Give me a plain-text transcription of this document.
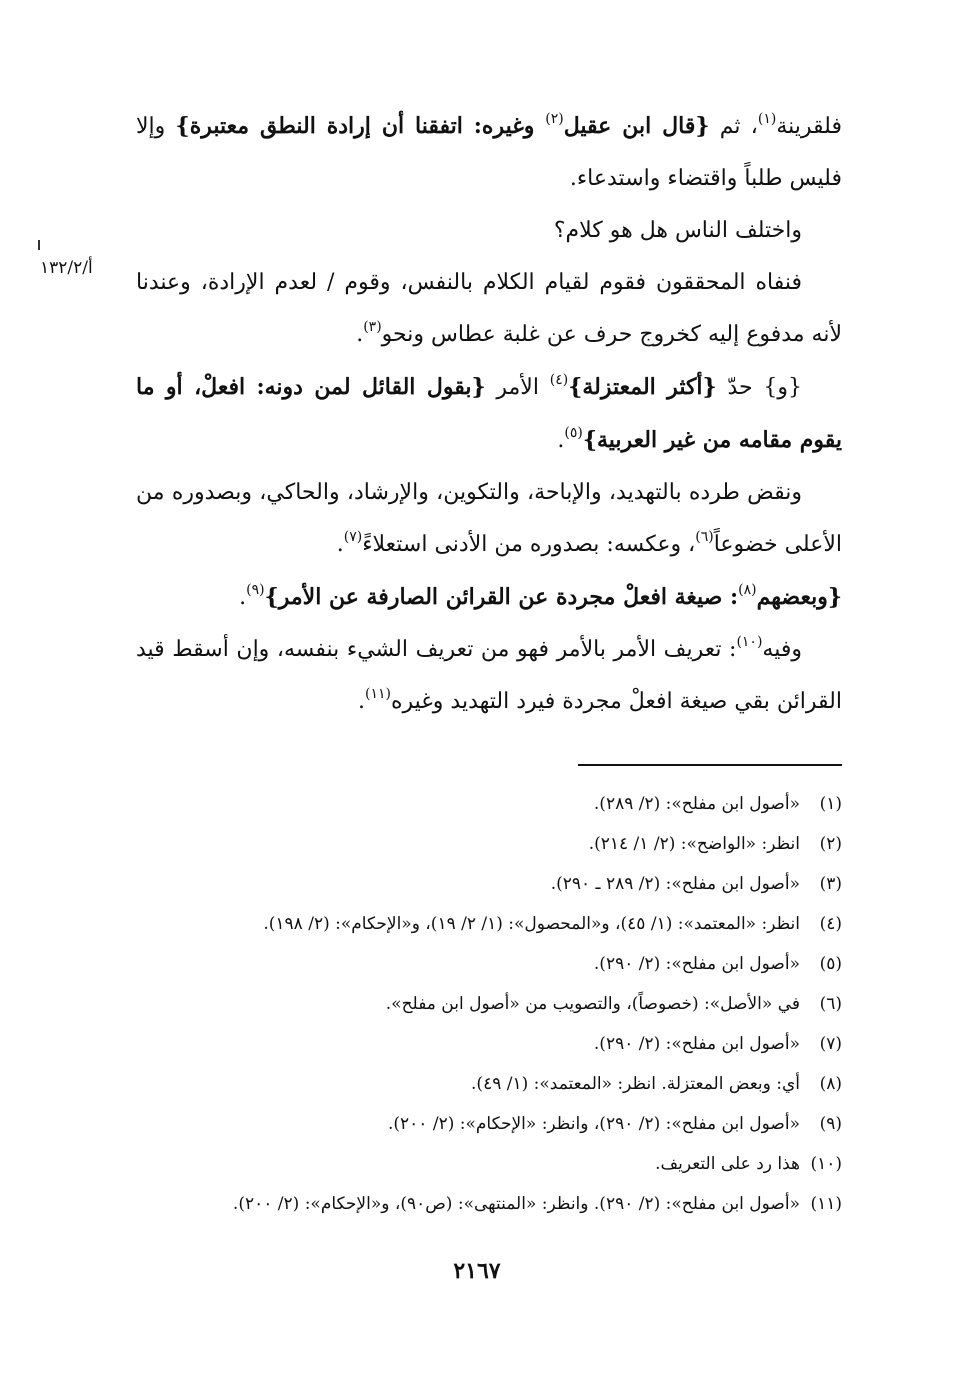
أ/١٣٢/٢

فلقرينة$^{(١)}$، ثم {قال ابن عقيل$^{(٢)}$ وغيره: اتفقنا أن إرادة النطق معتبرة} وإلا فليس طلباً واقتضاء واستدعاء.

واختلف الناس هل هو كلام؟

فنفاه المحققون فقوم لقيام الكلام بالنفس، وقوم / لعدم الإرادة، وعندنا لأنه مدفوع إليه كخروج حرف عن غلبة عطاس ونحو$^{(٣)}$.

{و} حدّ {أكثر المعتزلة}$^{(٤)}$ الأمر {بقول القائل لمن دونه: افعلْ، أو ما يقوم مقامه من غير العربية}$^{(٥)}$.

ونقض طرده بالتهديد، والإباحة، والتكوين، والإرشاد، والحاكي، وبصدوره من الأعلى خضوعاً$^{(٦)}$، وعكسه: بصدوره من الأدنى استعلاءً$^{(٧)}$.

{وبعضهم$^{(٨)}$: صيغة افعلْ مجردة عن القرائن الصارفة عن الأمر}$^{(٩)}$.

وفيه$^{(١٠)}$: تعريف الأمر بالأمر فهو من تعريف الشيء بنفسه، وإن أسقط قيد القرائن بقي صيغة افعلْ مجردة فيرد التهديد وغيره$^{(١١)}$.

(١)
«أصول ابن مفلح»: (٢/ ٢٨٩).
(٢)
انظر: «الواضح»: (٢/ ١/ ٢١٤).
(٣)
«أصول ابن مفلح»: (٢/ ٢٨٩ ـ ٢٩٠).
(٤)
انظر: «المعتمد»: (١/ ٤٥)، و«المحصول»: (١/ ٢/ ١٩)، و«الإحكام»: (٢/ ١٩٨).
(٥)
«أصول ابن مفلح»: (٢/ ٢٩٠).
(٦)
في «الأصل»: (خصوصاً)، والتصويب من «أصول ابن مفلح».
(٧)
«أصول ابن مفلح»: (٢/ ٢٩٠).
(٨)
أي: وبعض المعتزلة. انظر: «المعتمد»: (١/ ٤٩).
(٩)
«أصول ابن مفلح»: (٢/ ٢٩٠)، وانظر: «الإحكام»: (٢/ ٢٠٠).
(١٠)
هذا رد على التعريف.
(١١)
«أصول ابن مفلح»: (٢/ ٢٩٠). وانظر: «المنتهى»: (ص٩٠)، و«الإحكام»: (٢/ ٢٠٠).
٢١٦٧
